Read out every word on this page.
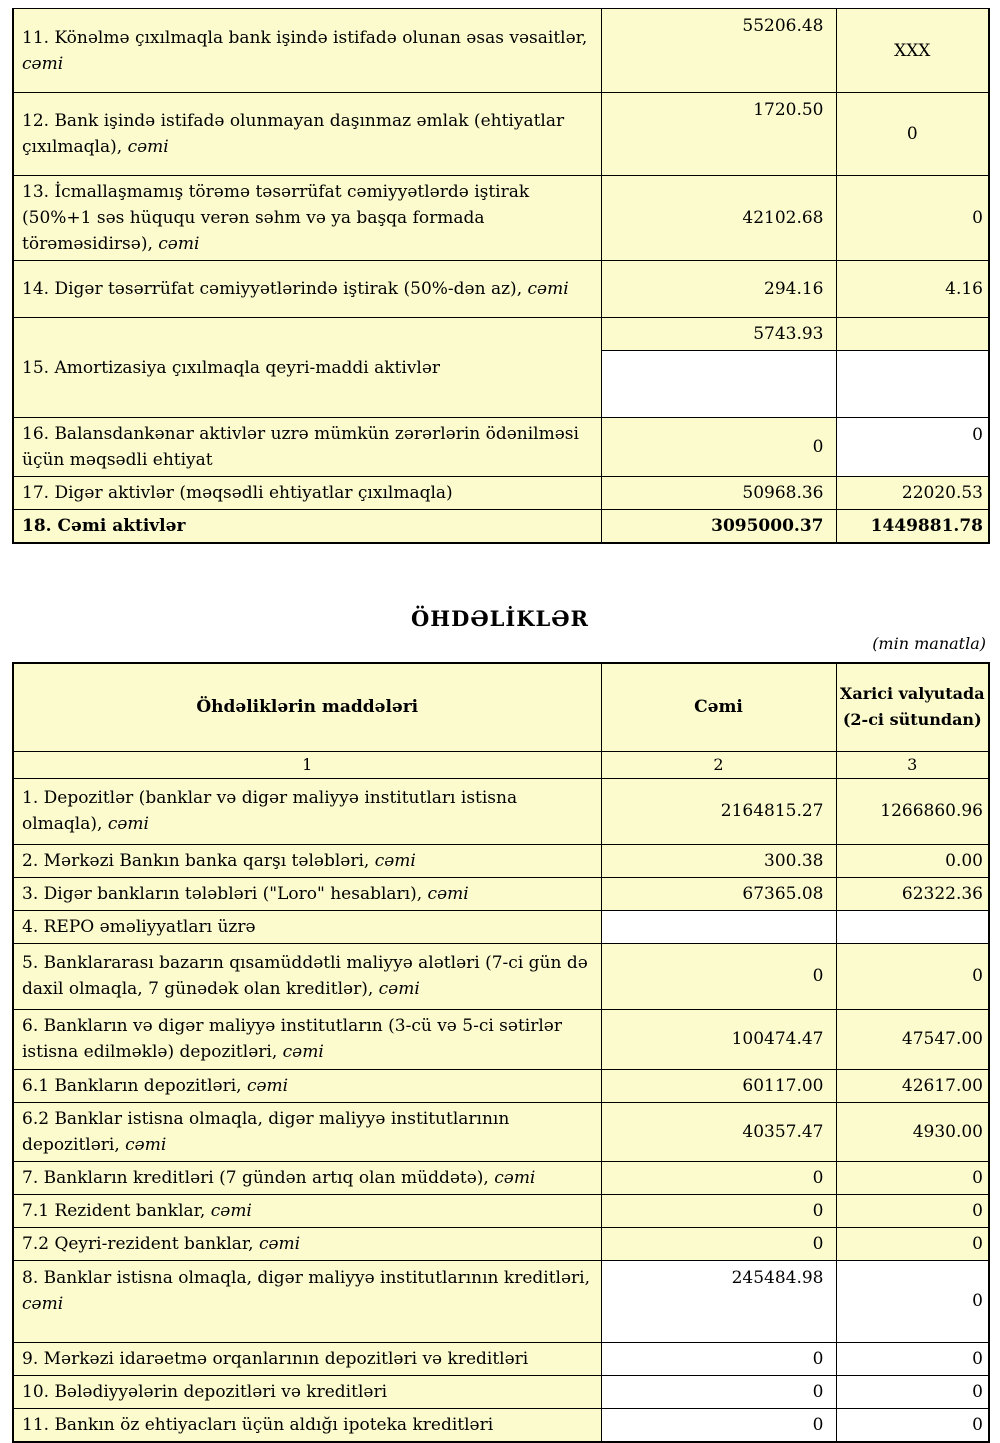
11. Könəlmə çıxılmaqla bank işində istifadə olunan əsas vəsaitlər, cəmi	55206.48	XXX
12. Bank işində istifadə olunmayan daşınmaz əmlak (ehtiyatlar çıxılmaqla), cəmi	1720.50	0
13. İcmallaşmamış törəmə təsərrüfat cəmiyyətlərdə iştirak (50%+1 səs hüququ verən səhm və ya başqa formada törəməsidirsə), cəmi	42102.68	0
14. Digər təsərrüfat cəmiyyətlərində iştirak (50%-dən az), cəmi	294.16	4.16
15. Amortizasiya çıxılmaqla qeyri-maddi aktivlər	5743.93	

16. Balansdankənar aktivlər uzrə mümkün zərərlərin ödənilməsi üçün məqsədli ehtiyat	0	0
17. Digər aktivlər (məqsədli ehtiyatlar çıxılmaqla)	50968.36	22020.53
18. Cəmi aktivlər	3095000.37	1449881.78
ÖHDƏLİKLƏR
(min manatla)
Öhdəliklərin maddələri	Cəmi	Xarici valyutada (2-ci sütundan)
1	2	3
1. Depozitlər (banklar və digər maliyyə institutları istisna olmaqla), cəmi	2164815.27	1266860.96
2. Mərkəzi Bankın banka qarşı tələbləri, cəmi	300.38	0.00
3. Digər bankların tələbləri ("Loro" hesabları), cəmi	67365.08	62322.36
4. REPO əməliyyatları üzrə		
5. Banklararası bazarın qısamüddətli maliyyə alətləri (7-ci gün də daxil olmaqla, 7 günədək olan kreditlər), cəmi	0	0
6. Bankların və digər maliyyə institutların (3-cü və 5-ci sətirlər istisna edilməklə) depozitləri, cəmi	100474.47	47547.00
6.1 Bankların depozitləri, cəmi	60117.00	42617.00
6.2 Banklar istisna olmaqla, digər maliyyə institutlarının depozitləri, cəmi	40357.47	4930.00
7. Bankların kreditləri (7 gündən artıq olan müddətə), cəmi	0	0
7.1 Rezident banklar, cəmi	0	0
7.2 Qeyri-rezident banklar, cəmi	0	0
8. Banklar istisna olmaqla, digər maliyyə institutlarının kreditləri, cəmi	245484.98	0
9. Mərkəzi idarəetmə orqanlarının depozitləri və kreditləri	0	0
10. Bələdiyyələrin depozitləri və kreditləri	0	0
11. Bankın öz ehtiyacları üçün aldığı ipoteka kreditləri	0	0
